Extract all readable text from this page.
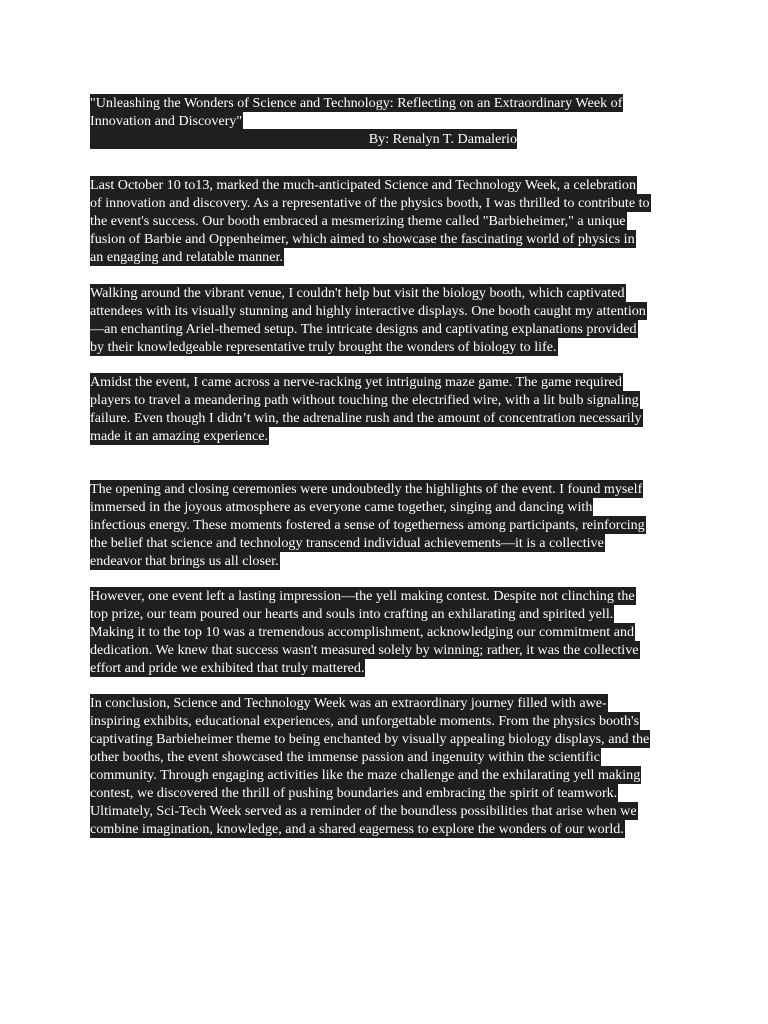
"Unleashing the Wonders of Science and Technology: Reflecting on an Extraordinary Week of
Innovation and Discovery"
By: Renalyn T. Damalerio
Last October 10 to13, marked the much-anticipated Science and Technology Week, a celebration
of innovation and discovery. As a representative of the physics booth, I was thrilled to contribute to
the event's success. Our booth embraced a mesmerizing theme called "Barbieheimer," a unique
fusion of Barbie and Oppenheimer, which aimed to showcase the fascinating world of physics in
an engaging and relatable manner.
Walking around the vibrant venue, I couldn't help but visit the biology booth, which captivated
attendees with its visually stunning and highly interactive displays. One booth caught my attention
—an enchanting Ariel-themed setup. The intricate designs and captivating explanations provided
by their knowledgeable representative truly brought the wonders of biology to life.
Amidst the event, I came across a nerve-racking yet intriguing maze game. The game required
players to travel a meandering path without touching the electrified wire, with a lit bulb signaling
failure. Even though I didn’t win, the adrenaline rush and the amount of concentration necessarily
made it an amazing experience.
The opening and closing ceremonies were undoubtedly the highlights of the event. I found myself
immersed in the joyous atmosphere as everyone came together, singing and dancing with
infectious energy. These moments fostered a sense of togetherness among participants, reinforcing
the belief that science and technology transcend individual achievements—it is a collective
endeavor that brings us all closer.
However, one event left a lasting impression—the yell making contest. Despite not clinching the
top prize, our team poured our hearts and souls into crafting an exhilarating and spirited yell.
Making it to the top 10 was a tremendous accomplishment, acknowledging our commitment and
dedication. We knew that success wasn't measured solely by winning; rather, it was the collective
effort and pride we exhibited that truly mattered.
In conclusion, Science and Technology Week was an extraordinary journey filled with awe-
inspiring exhibits, educational experiences, and unforgettable moments. From the physics booth's
captivating Barbieheimer theme to being enchanted by visually appealing biology displays, and the
other booths, the event showcased the immense passion and ingenuity within the scientific
community. Through engaging activities like the maze challenge and the exhilarating yell making
contest, we discovered the thrill of pushing boundaries and embracing the spirit of teamwork.
Ultimately, Sci-Tech Week served as a reminder of the boundless possibilities that arise when we
combine imagination, knowledge, and a shared eagerness to explore the wonders of our world.
